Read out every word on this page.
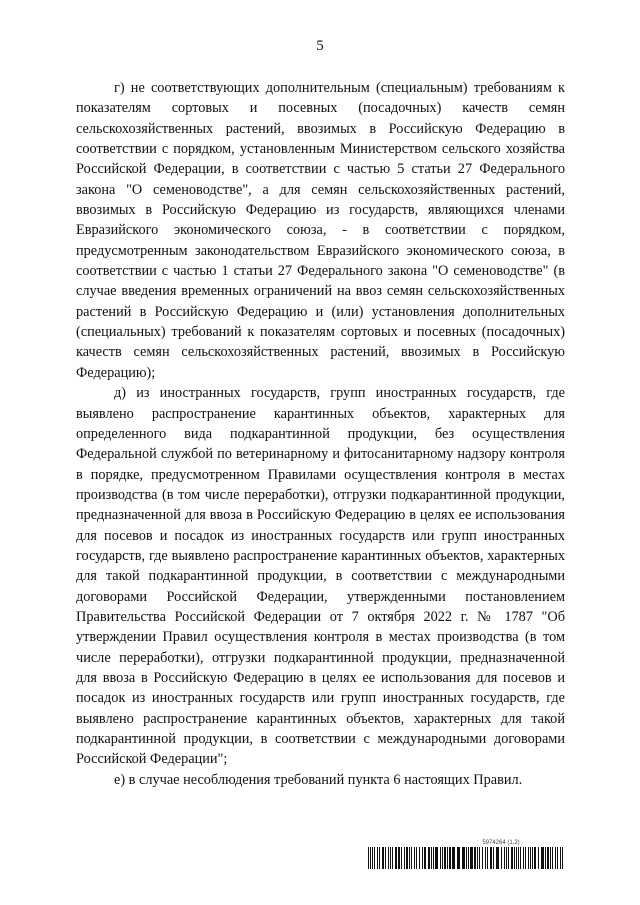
5

г) не соответствующих дополнительным (специальным) требованиям к показателям сортовых и посевных (посадочных) качеств семян сельскохозяйственных растений, ввозимых в Российскую Федерацию в соответствии с порядком, установленным Министерством сельского хозяйства Российской Федерации, в соответствии с частью 5 статьи 27 Федерального закона "О семеноводстве", а для семян сельскохозяйственных растений, ввозимых в Российскую Федерацию из государств, являющихся членами Евразийского экономического союза, - в соответствии с порядком, предусмотренным законодательством Евразийского экономического союза, в соответствии с частью 1 статьи 27 Федерального закона "О семеноводстве" (в случае введения временных ограничений на ввоз семян сельскохозяйственных растений в Российскую Федерацию и (или) установления дополнительных (специальных) требований к показателям сортовых и посевных (посадочных) качеств семян сельскохозяйственных растений, ввозимых в Российскую Федерацию);

д) из иностранных государств, групп иностранных государств, где выявлено распространение карантинных объектов, характерных для определенного вида подкарантинной продукции, без осуществления Федеральной службой по ветеринарному и фитосанитарному надзору контроля в порядке, предусмотренном Правилами осуществления контроля в местах производства (в том числе переработки), отгрузки подкарантинной продукции, предназначенной для ввоза в Российскую Федерацию в целях ее использования для посевов и посадок из иностранных государств или групп иностранных государств, где выявлено распространение карантинных объектов, характерных для такой подкарантинной продукции, в соответствии с международными договорами Российской Федерации, утвержденными постановлением Правительства Российской Федерации от 7 октября 2022 г. № 1787 "Об утверждении Правил осуществления контроля в местах производства (в том числе переработки), отгрузки подкарантинной продукции, предназначенной для ввоза в Российскую Федерацию в целях ее использования для посевов и посадок из иностранных государств или групп иностранных государств, где выявлено распространение карантинных объектов, характерных для такой подкарантинной продукции, в соответствии с международными договорами Российской Федерации";

е) в случае несоблюдения требований пункта 6 настоящих Правил.

5974264 (1.2)
